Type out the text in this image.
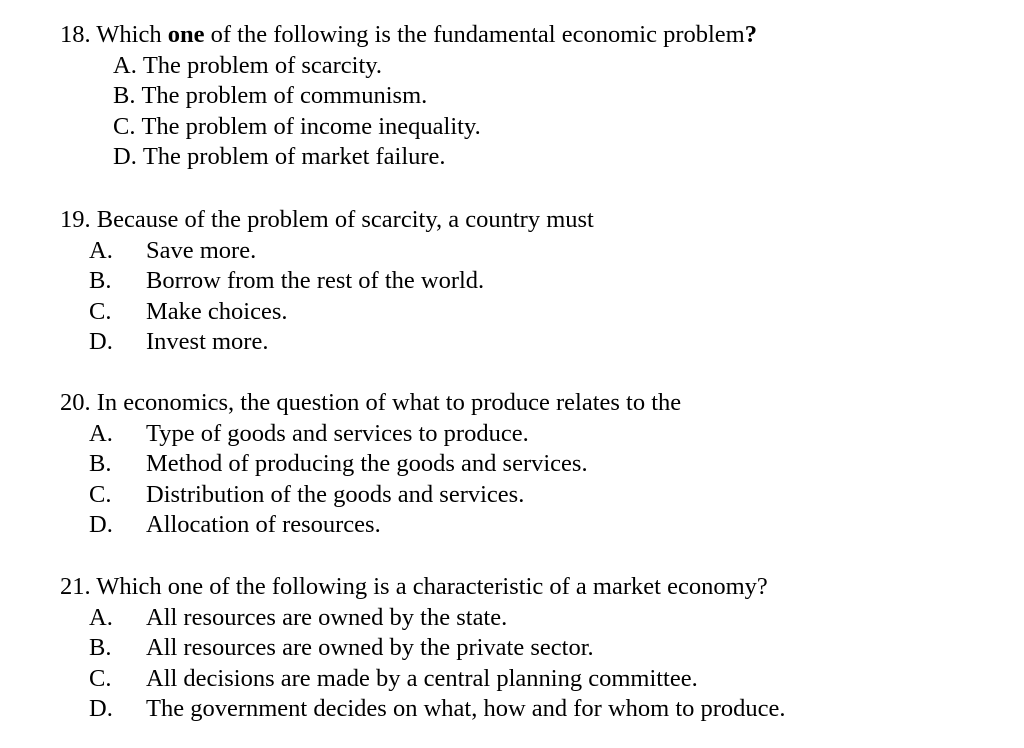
18. Which one of the following is the fundamental economic problem?
A. The problem of scarcity.
B. The problem of communism.
C. The problem of income inequality.
D. The problem of market failure.
19. Because of the problem of scarcity, a country must
A. Save more.
B. Borrow from the rest of the world.
C. Make choices.
D. Invest more.
20. In economics, the question of what to produce relates to the
A. Type of goods and services to produce.
B. Method of producing the goods and services.
C. Distribution of the goods and services.
D. Allocation of resources.
21. Which one of the following is a characteristic of a market economy?
A. All resources are owned by the state.
B. All resources are owned by the private sector.
C. All decisions are made by a central planning committee.
D. The government decides on what, how and for whom to produce.
